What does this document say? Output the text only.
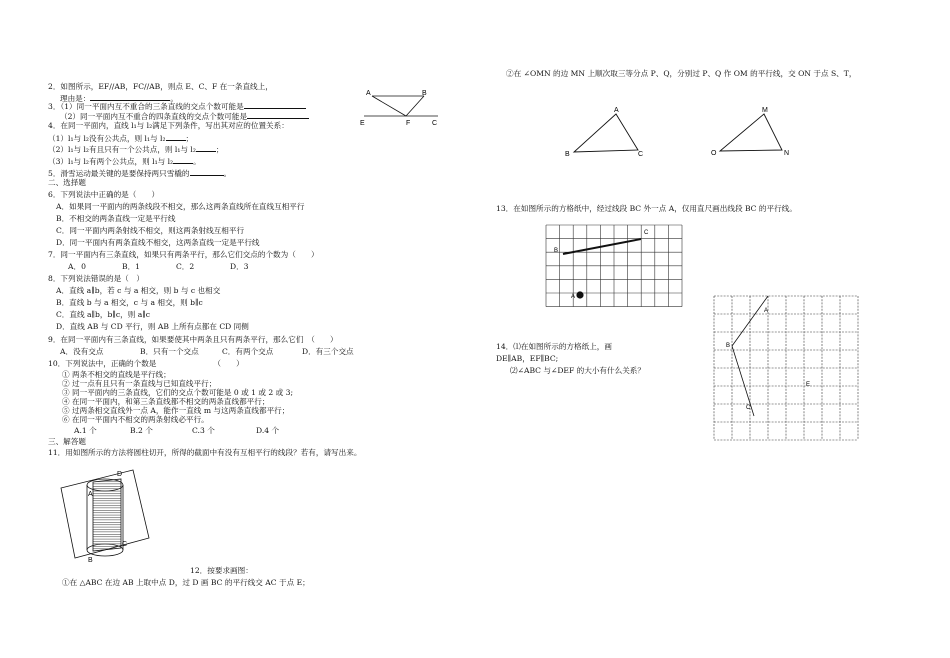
2．如图所示，EF//AB，FC//AB，则点 E、C、F 在一条直线上，
理由是：	。
A	B
E	F	C
3．（1）同一平面内互不重合的三条直线的交点个数可能是
（2）同一平面内互不重合的四条直线的交点个数可能是
4．在同一平面内，直线 l₁与 l₂满足下列条件，写出其对应的位置关系：
（1）l₁与 l₂没有公共点，则 l₁与 l₂	；
（2）l₁与 l₂有且只有一个公共点，则 l₁与 l₂	；
（3）l₁与 l₂有两个公共点，则 l₁与 l₂	。
5．滑雪运动最关键的是要保持两只雪橇的	。
二、选择题
6．下列说法中正确的是（　　）
A．如果同一平面内的两条线段不相交，那么这两条直线所在直线互相平行
B．不相交的两条直线一定是平行线
C．同一平面内两条射线不相交，则这两条射线互相平行
D．同一平面内有两条直线不相交，这两条直线一定是平行线
7．同一平面内有三条直线，如果只有两条平行，那么它们交点的个数为（　　）
A．0	B．1	C．2	D．3
8．下列说法错误的是（　）
A．直线 a∥b，若 c 与 a 相交，则 b 与 c 也相交
B．直线 b 与 a 相交，c 与 a 相交，则 b∥c
C．直线 a∥b，b∥c，则 a∥c
D．直线 AB 与 CD 平行，则 AB 上所有点都在 CD 同侧
9．在同一平面内有三条直线，如果要使其中两条且只有两条平行，那么它们　（　　）
A．没有交点	B．只有一个交点	C．有两个交点	D．有三个交点
10．下列说法中，正确的个数是　　　　　　　　（　　）
① 两条不相交的直线是平行线；
② 过一点有且只有一条直线与已知直线平行；
③ 同一平面内的三条直线，它们的交点个数可能是 0 或 1 或 2 或 3;
④ 在同一平面内，和第三条直线都不相交的两条直线都平行；
⑤ 过两条相交直线外一点 A，能作一直线 m 与这两条直线都平行；
⑥ 在同一平面内不相交的两条射线必平行。
A.1 个	B.2 个	C.3 个	D.4 个
三、解答题
11．用如图所示的方法将圆柱切开，所得的截面中有没有互相平行的线段？若有，请写出来。
D
A
C
B
12．按要求画图：
①在 △ABC 在边 AB 上取中点 D，过 D 画 BC 的平行线交 AC 于点 E；
②在 ∠OMN 的边 MN 上顺次取三等分点 P、Q，分别过 P、Q 作 OM 的平行线，交 ON 于点 S、T，
A
B	C
M
O	N
13．在如图所示的方格纸中，经过线段 BC 外一点 A，仅用直尺画出线段 BC 的平行线。
C
B
A
14．⑴在如图所示的方格纸上，画
DE∥AB，EF∥BC;
⑵∠ABC 与∠DEF 的大小有什么关系？
A
B
C
E
